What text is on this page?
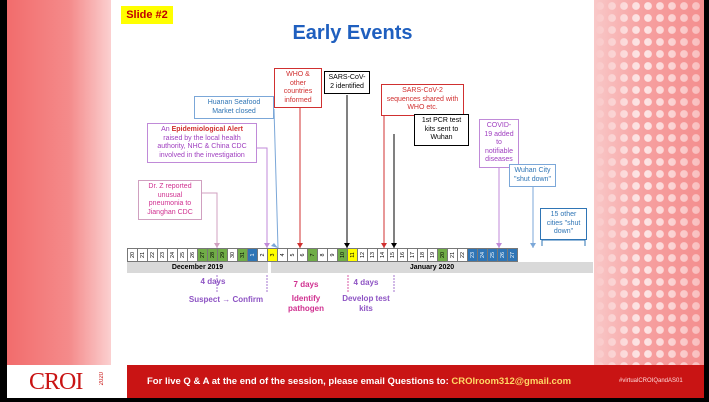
Slide #2
Early Events
Huanan Seafood Market closed
WHO & other countries informed
SARS-CoV-2 identified
SARS-CoV-2 sequences shared with WHO etc.
1st PCR test kits sent to Wuhan
An Epidemiological Alert raised by the local health authority, NHC & China CDC involved in the investigation
COVID-19 added to notifiable diseases
Dr. Z reported unusual pneumonia to Jianghan CDC
Wuhan City "shut down"
15 other cities "shut down"
20 21 22 23 24 25 26 27 28 29 30 31 1 2 3 4 5 6 7 8 9 10 11 12 13 14 15 16 17 18 19 20 21 22 23 24 25 26 27
December 2019	January 2020
4 days
Suspect → Confirm
7 days
Identify pathogen
4 days
Develop test kits
CROI	2020	For live Q & A at the end of the session, please email Questions to: CROIroom312@gmail.com	#virtualCROIQandAS01
